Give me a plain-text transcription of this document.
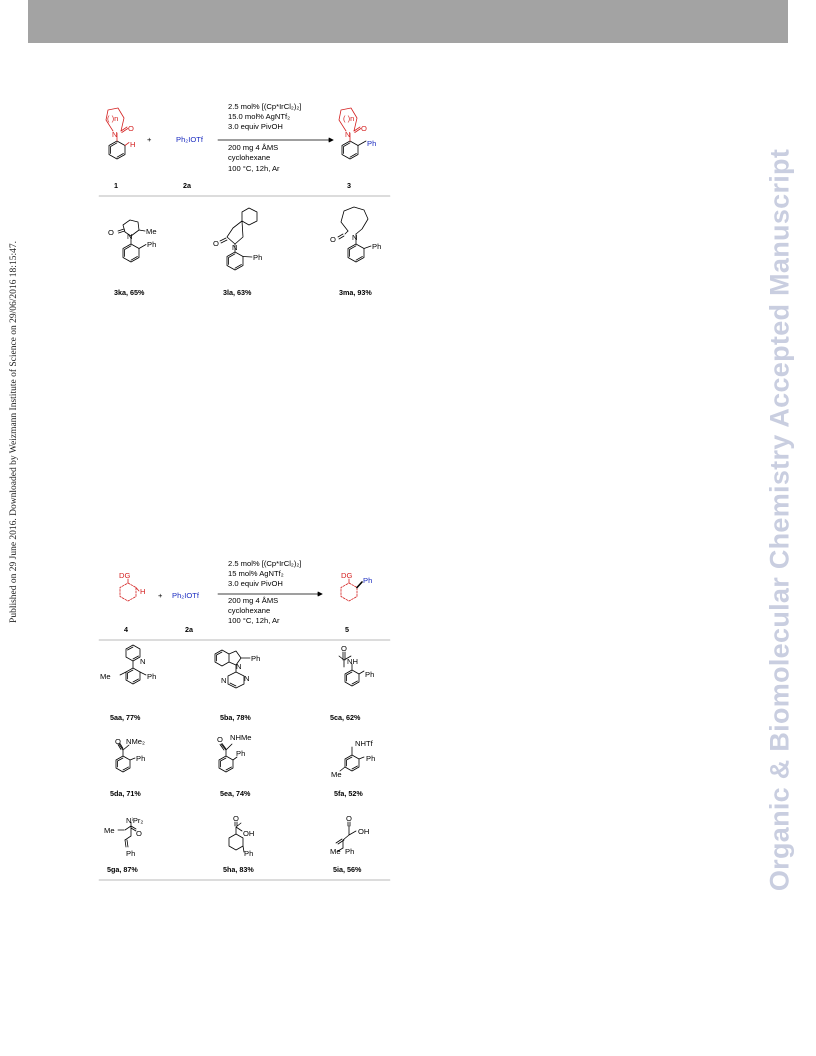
Published on 29 June 2016. Downloaded by Weizmann Institute of Science on 29/06/2016 18:15:47.	Organic & Biomolecular Chemistry Accepted Manuscript
( )n
N
O
H
+	Ph₂IOTf
2.5 mol% [(Cp*IrCl₂)₂]
15.0 mol% AgNTf₂
3.0 equiv PivOH
200 mg 4 ÅMS
cyclohexane
100 °C, 12h, Ar
( )n
N
O
Ph
1	2a	3
O N
Me
Ph	O N
Ph
O N
Ph
3ka, 65%	3la, 63%	3ma, 93%
DG
H + Ph₂IOTf
2.5 mol% [(Cp*IrCl₂)₂]
15 mol% AgNTf₂
3.0 equiv PivOH
200 mg 4 ÅMS
cyclohexane
100 °C, 12h, Ar
DG
Ph
4	2a	5
N
Me	Ph
Ph
N
N N
O
NH
Ph
O NMe₂
Ph
O NHMe
Ph
NHTf
Ph
Me
NⁱPr₂
Me	O
Ph
O
OH
Ph
O
OH
Me Ph
5aa, 77%	5ba, 78%	5ca, 62%
5da, 71%	5ea, 74%	5fa, 52%
5ga, 87%	5ha, 83%	5ia, 56%
